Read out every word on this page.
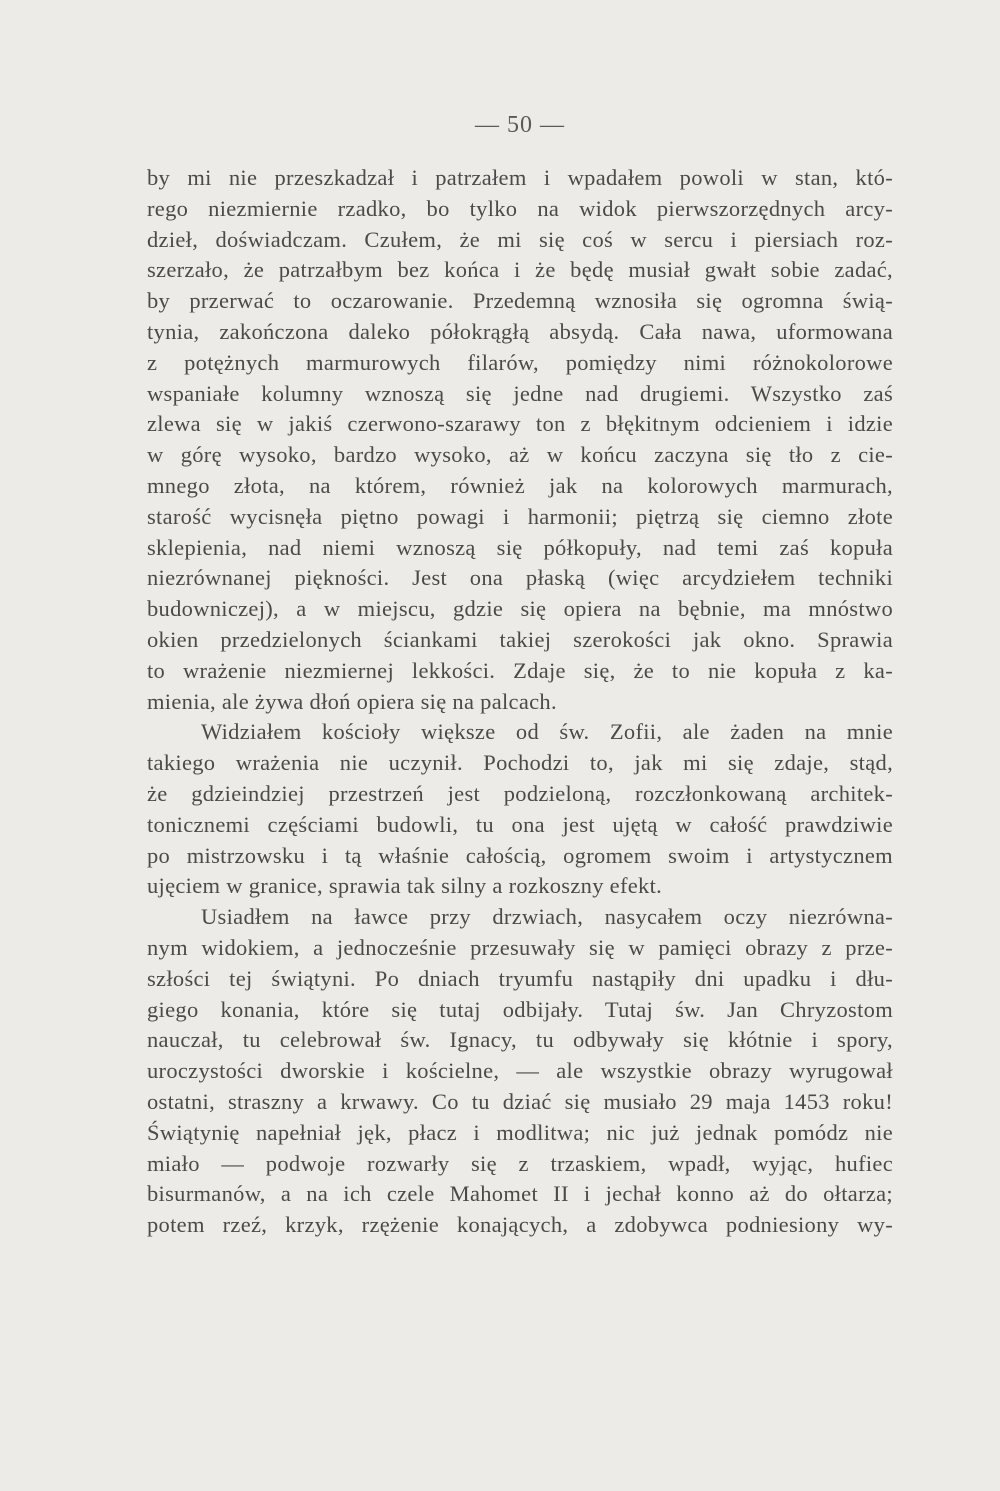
— 50 —
by mi nie przeszkadzał i patrzałem i wpadałem powoli w stan, któ-
rego niezmiernie rzadko, bo tylko na widok pierwszorzędnych arcy-
dzieł, doświadczam. Czułem, że mi się coś w sercu i piersiach roz-
szerzało, że patrzałbym bez końca i że będę musiał gwałt sobie zadać,
by przerwać to oczarowanie. Przedemną wznosiła się ogromna świą-
tynia, zakończona daleko półokrągłą absydą. Cała nawa, uformowana
z potężnych marmurowych filarów, pomiędzy nimi różnokolorowe
wspaniałe kolumny wznoszą się jedne nad drugiemi. Wszystko zaś
zlewa się w jakiś czerwono-szarawy ton z błękitnym odcieniem i idzie
w górę wysoko, bardzo wysoko, aż w końcu zaczyna się tło z cie-
mnego złota, na którem, również jak na kolorowych marmurach,
starość wycisnęła piętno powagi i harmonii; piętrzą się ciemno złote
sklepienia, nad niemi wznoszą się półkopuły, nad temi zaś kopuła
niezrównanej piękności. Jest ona płaską (więc arcydziełem techniki
budowniczej), a w miejscu, gdzie się opiera na bębnie, ma mnóstwo
okien przedzielonych ściankami takiej szerokości jak okno. Sprawia
to wrażenie niezmiernej lekkości. Zdaje się, że to nie kopuła z ka-
mienia, ale żywa dłoń opiera się na palcach.
Widziałem kościoły większe od św. Zofii, ale żaden na mnie
takiego wrażenia nie uczynił. Pochodzi to, jak mi się zdaje, stąd,
że gdzieindziej przestrzeń jest podzieloną, rozczłonkowaną architek-
tonicznemi częściami budowli, tu ona jest ujętą w całość prawdziwie
po mistrzowsku i tą właśnie całością, ogromem swoim i artystycznem
ujęciem w granice, sprawia tak silny a rozkoszny efekt.
Usiadłem na ławce przy drzwiach, nasycałem oczy niezrówna-
nym widokiem, a jednocześnie przesuwały się w pamięci obrazy z prze-
szłości tej świątyni. Po dniach tryumfu nastąpiły dni upadku i dłu-
giego konania, które się tutaj odbijały. Tutaj św. Jan Chryzostom
nauczał, tu celebrował św. Ignacy, tu odbywały się kłótnie i spory,
uroczystości dworskie i kościelne, — ale wszystkie obrazy wyrugował
ostatni, straszny a krwawy. Co tu dziać się musiało 29 maja 1453 roku!
Świątynię napełniał jęk, płacz i modlitwa; nic już jednak pomódz nie
miało — podwoje rozwarły się z trzaskiem, wpadł, wyjąc, hufiec
bisurmanów, a na ich czele Mahomet II i jechał konno aż do ołtarza;
potem rzeź, krzyk, rzężenie konających, a zdobywca podniesiony wy-
